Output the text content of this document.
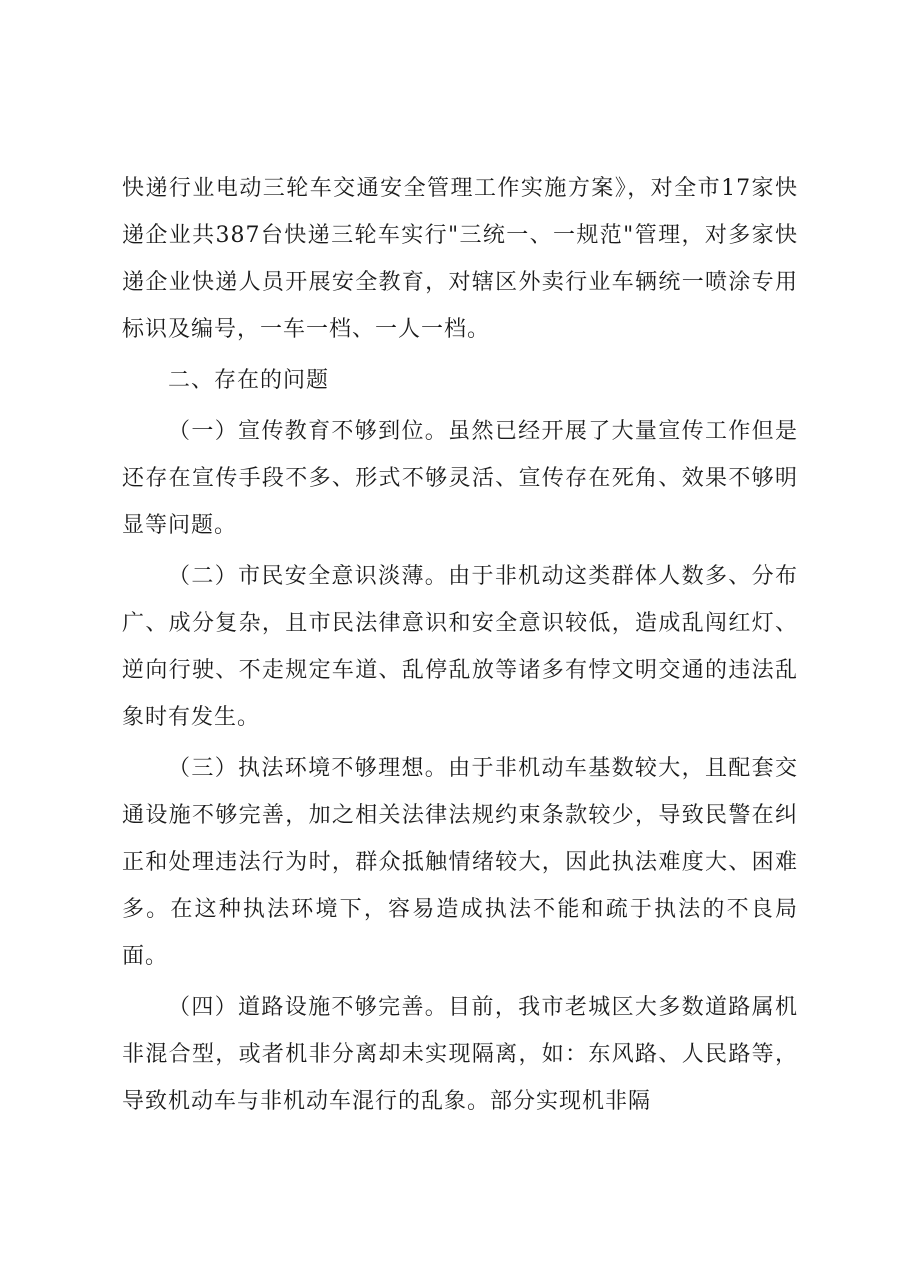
快递行业电动三轮车交通安全管理工作实施方案》，对全市17家快递企业共387台快递三轮车实行"三统一、一规范"管理，对多家快递企业快递人员开展安全教育，对辖区外卖行业车辆统一喷涂专用标识及编号，一车一档、一人一档。

二、存在的问题

（一）宣传教育不够到位。虽然已经开展了大量宣传工作但是还存在宣传手段不多、形式不够灵活、宣传存在死角、效果不够明显等问题。

（二）市民安全意识淡薄。由于非机动这类群体人数多、分布广、成分复杂，且市民法律意识和安全意识较低，造成乱闯红灯、逆向行驶、不走规定车道、乱停乱放等诸多有悖文明交通的违法乱象时有发生。

（三）执法环境不够理想。由于非机动车基数较大，且配套交通设施不够完善，加之相关法律法规约束条款较少，导致民警在纠正和处理违法行为时，群众抵触情绪较大，因此执法难度大、困难多。在这种执法环境下，容易造成执法不能和疏于执法的不良局面。

（四）道路设施不够完善。目前，我市老城区大多数道路属机非混合型，或者机非分离却未实现隔离，如：东风路、人民路等，导致机动车与非机动车混行的乱象。部分实现机非隔
